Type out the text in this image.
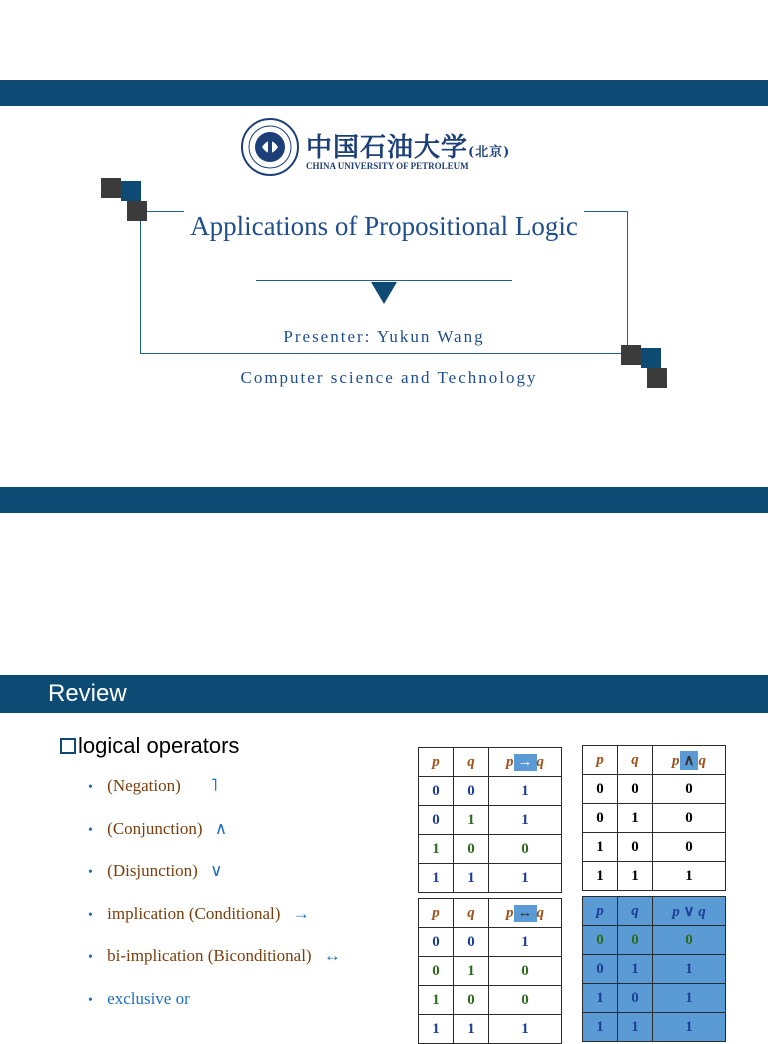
中国石油大学(北京)
CHINA UNIVERSITY OF PETROLEUM
Applications of Propositional Logic
Presenter: Yukun Wang
Computer science and Technology
Review
logical operators
• (Negation) ˥
• (Conjunction) ∧
• (Disjunction) ∨
• implication (Conditional) →
• bi-implication (Biconditional) ↔
• exclusive or
p	q	p → q
0	0	1
0	1	1
1	0	0
1	1	1
p	q	p ∧ q
0	0	0
0	1	0
1	0	0
1	1	1
p	q	p ↔ q
0	0	1
0	1	0
1	0	0
1	1	1
p	q	p ∨ q
0	0	0
0	1	1
1	0	1
1	1	1
